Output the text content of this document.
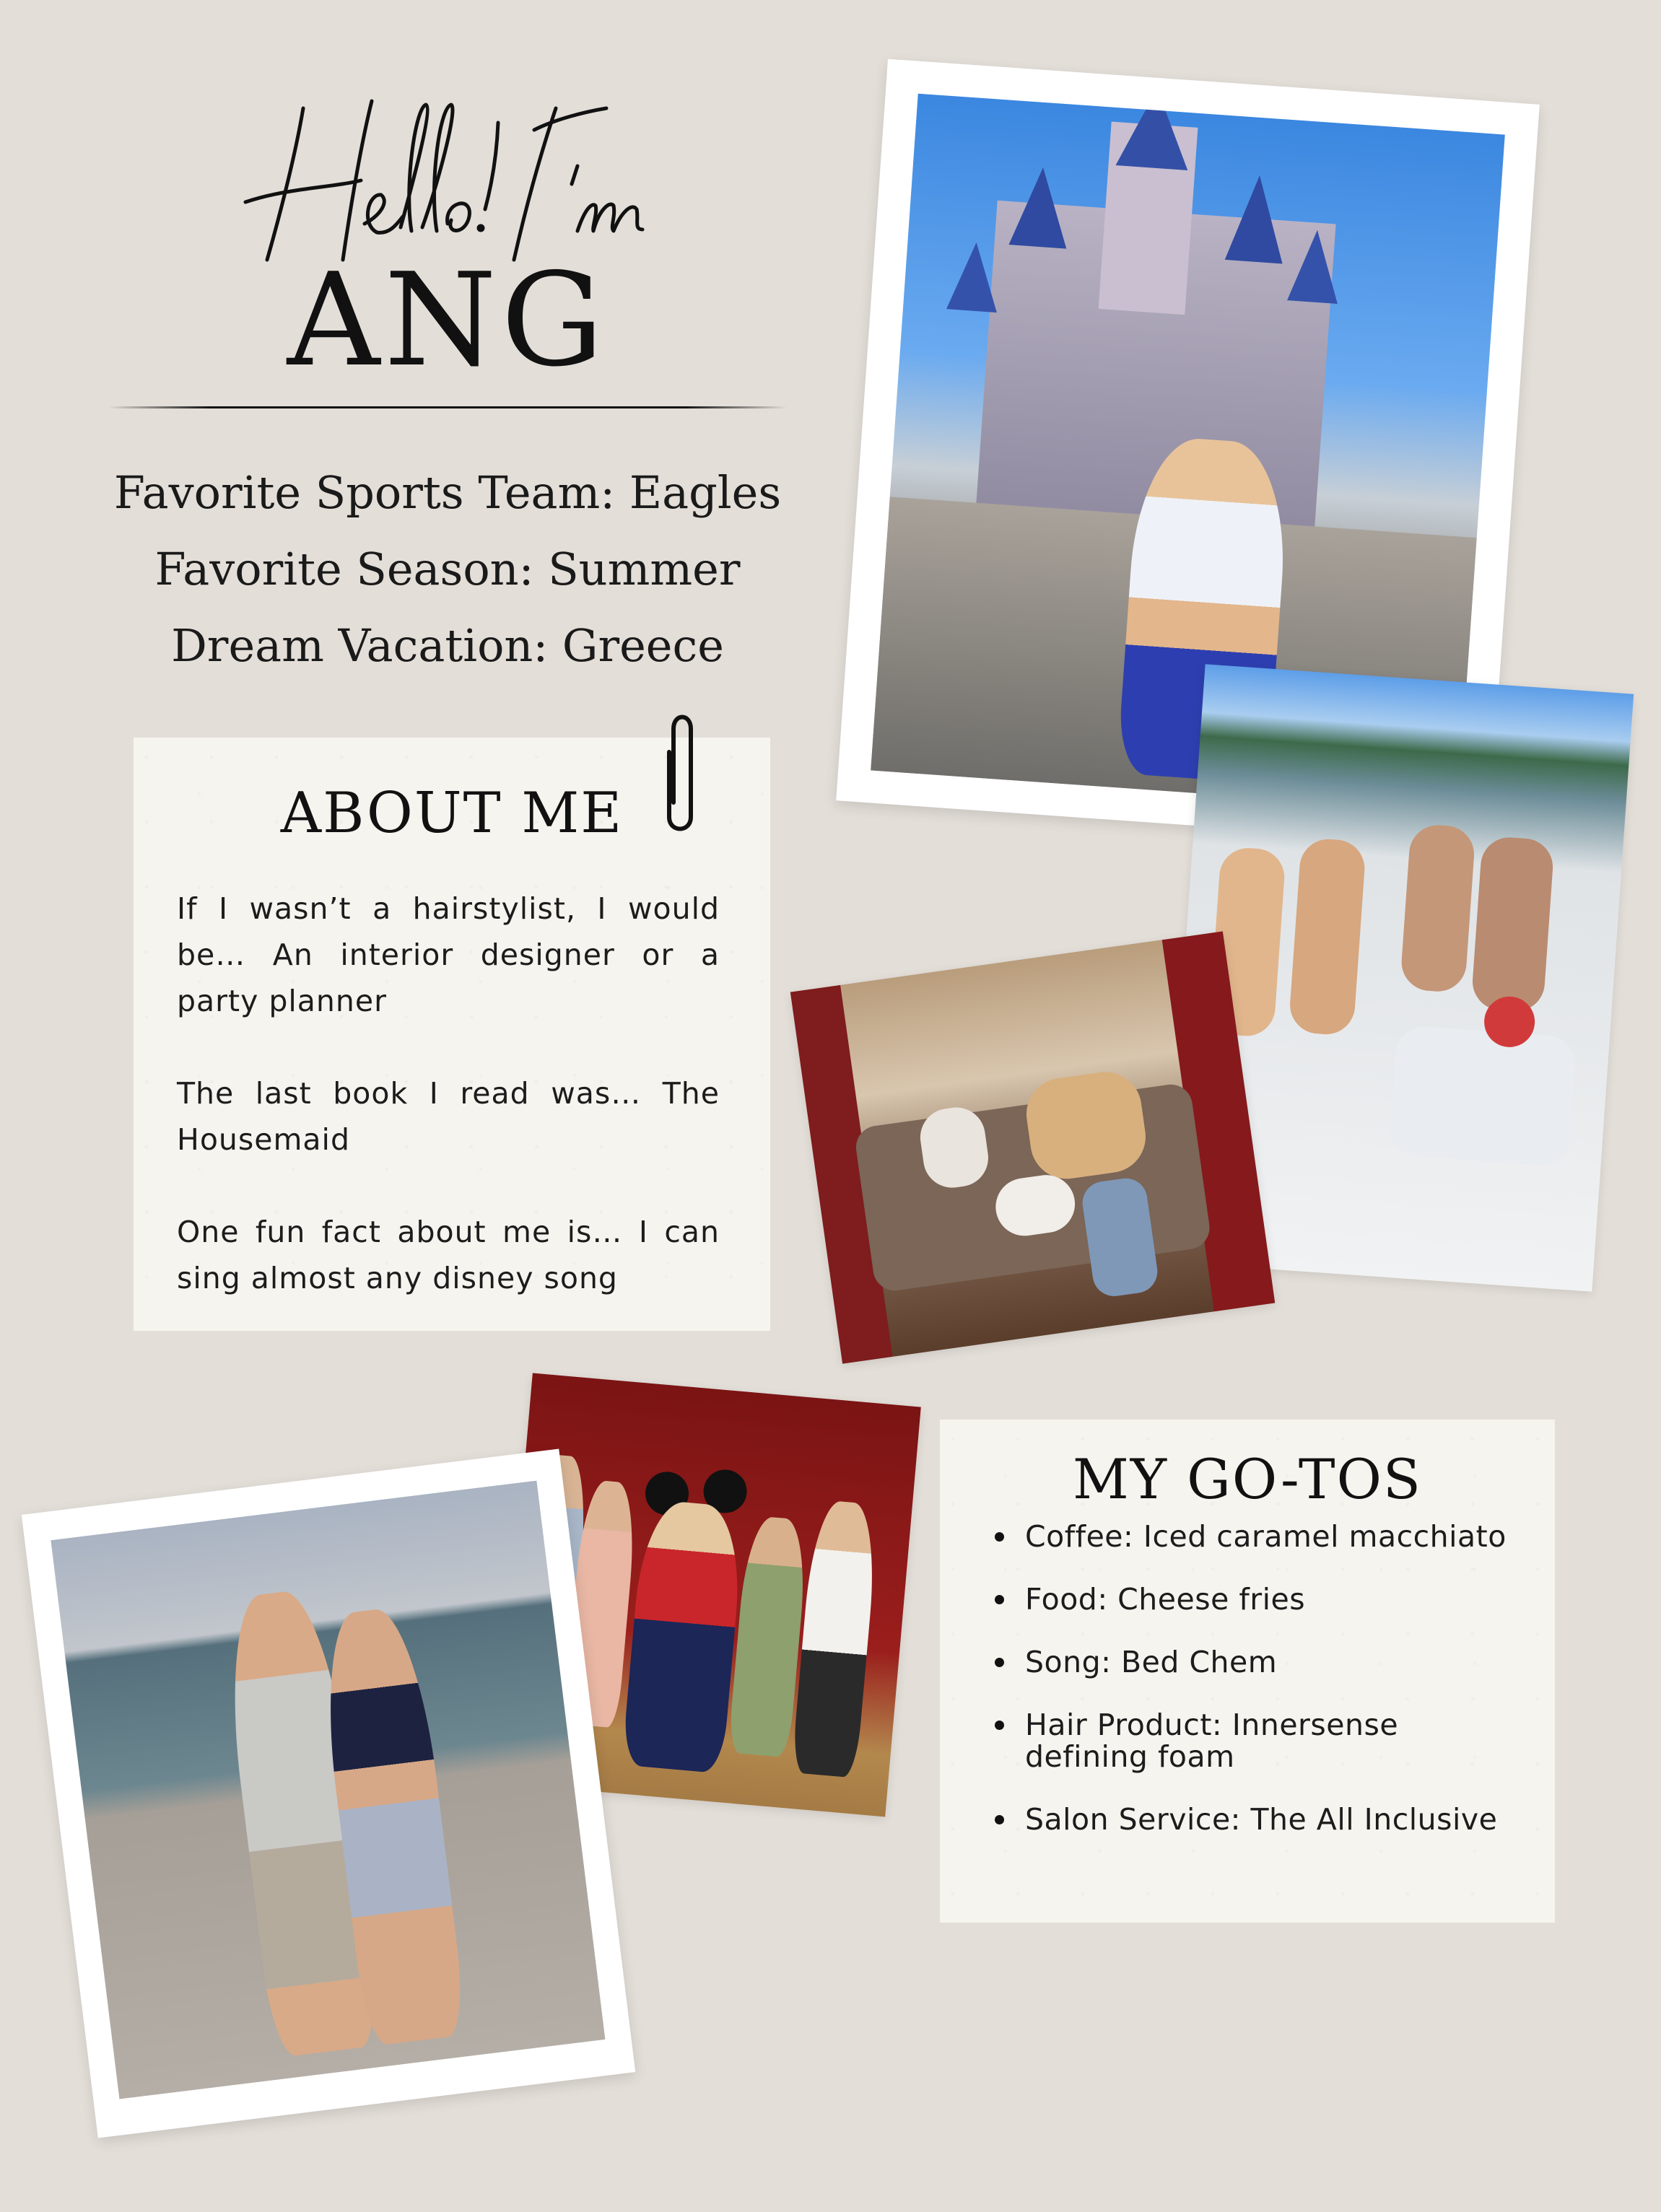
ANG
Favorite Sports Team: Eagles
Favorite Season: Summer
Dream Vacation: Greece
ABOUT ME

If I wasn’t a hairstylist, I would be… An interior designer or a party planner

The last book I read was… The Housemaid

One fun fact about me is… I can sing almost any disney song

MY GO-TOS
Coffee: Iced caramel macchiato
Food: Cheese fries
Song: Bed Chem
Hair Product: Innersense defining foam
Salon Service: The All Inclusive
